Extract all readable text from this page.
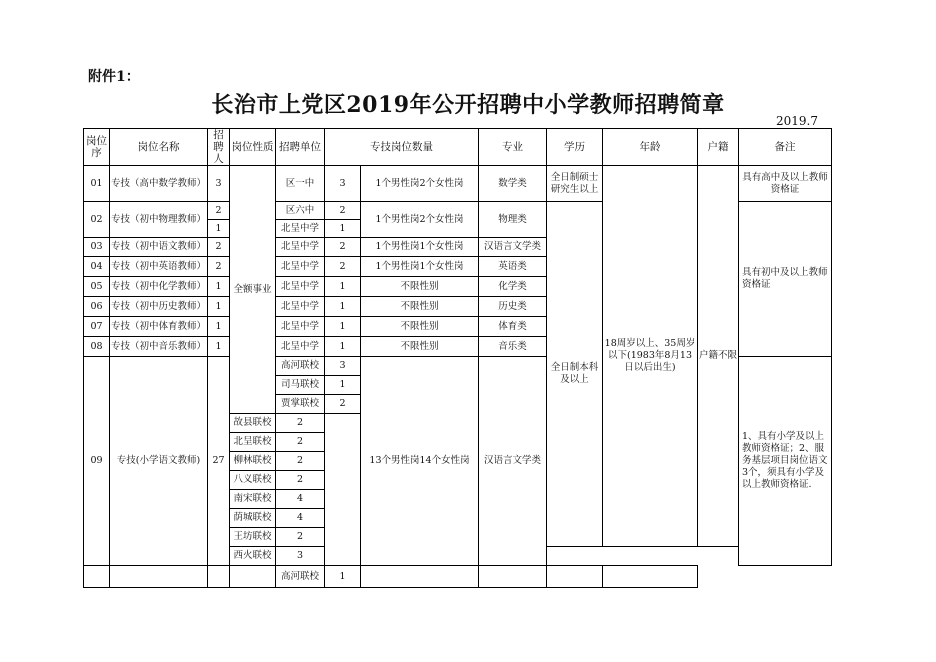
附件1：
长治市上党区2019年公开招聘中小学教师招聘简章
2019.7
岗位序	岗位名称	招聘人	岗位性质	招聘单位	专技岗位数量		专业	学历	年龄	户籍	备注
01	专技（高中数学教师）	3	全额事业	区一中	3	1个男性岗2个女性岗	数学类	全日制硕士研究生以上	18周岁以上、35周岁以下(1983年8月13日以后出生)	户籍不限	具有高中及以上教师资格证
02	专技（初中物理教师）	2		区六中	2	1个男性岗2个女性岗	物理类	全日制本科及以上			具有初中及以上教师资格证
		1		北呈中学	1						
03	专技（初中语文教师）	2		北呈中学	2	1个男性岗1个女性岗	汉语言文学类				
04	专技（初中英语教师）	2		北呈中学	2	1个男性岗1个女性岗	英语类				
05	专技（初中化学教师）	1		北呈中学	1	不限性别	化学类				
06	专技（初中历史教师）	1		北呈中学	1	不限性别	历史类				
07	专技（初中体育教师）	1		北呈中学	1	不限性别	体育类				
08	专技（初中音乐教师）	1		北呈中学	1	不限性别	音乐类				
09	专技(小学语文教师)	27		高河联校	3	13个男性岗14个女性岗	汉语言文学类				1、具有小学及以上教师资格证；2、服务基层项目岗位语文3个，须具有小学及以上教师资格证.
				司马联校	1						
				贾掌联校	2						
			故县联校	2							
			北呈联校	2							
			柳林联校	2							
			八义联校	2							
			南宋联校	4							
			荫城联校	4							
			王坊联校	2							
			西火联校	3							
				高河联校	1						
